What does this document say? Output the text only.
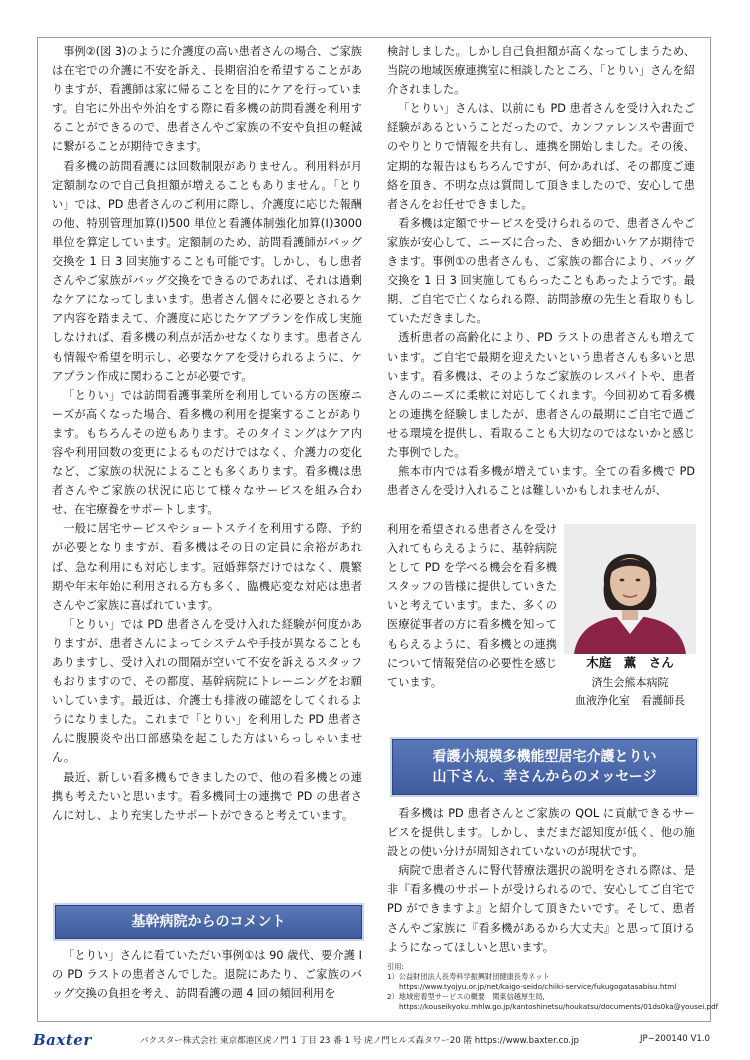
事例②(図 3)のように介護度の高い患者さんの場合、ご家族は在宅での介護に不安を訴え、長期宿泊を希望することがありますが、看護師は家に帰ることを目的にケアを行っています。自宅に外出や外泊をする際に看多機の訪問看護を利用することができるので、患者さんやご家族の不安や負担の軽減に繋がることが期待できます。

看多機の訪問看護には回数制限がありません。利用料が月定額制なので自己負担額が増えることもありません。「とりい」では、PD 患者さんのご利用に際し、介護度に応じた報酬の他、特別管理加算(Ⅰ)500 単位と看護体制強化加算(Ⅰ)3000 単位を算定しています。定額制のため、訪問看護師がバッグ交換を 1 日 3 回実施することも可能です。しかし、もし患者さんやご家族がバッグ交換をできるのであれば、それは過剰なケアになってしまいます。患者さん個々に必要とされるケア内容を踏まえて、介護度に応じたケアプランを作成し実施しなければ、看多機の利点が活かせなくなります。患者さんも情報や希望を明示し、必要なケアを受けられるように、ケアプラン作成に関わることが必要です。

「とりい」では訪問看護事業所を利用している方の医療ニーズが高くなった場合、看多機の利用を提案することがあります。もちろんその逆もあります。そのタイミングはケア内容や利用回数の変更によるものだけではなく、介護力の変化など、ご家族の状況によることも多くあります。看多機は患者さんやご家族の状況に応じて様々なサービスを組み合わせ、在宅療養をサポートします。

一般に居宅サービスやショートステイを利用する際、予約が必要となりますが、看多機はその日の定員に余裕があれば、急な利用にも対応します。冠婚葬祭だけではなく、農繁期や年末年始に利用される方も多く、臨機応変な対応は患者さんやご家族に喜ばれています。

「とりい」では PD 患者さんを受け入れた経験が何度かありますが、患者さんによってシステムや手技が異なることもありますし、受け入れの間隔が空いて不安を訴えるスタッフもおりますので、その都度、基幹病院にトレーニングをお願いしています。最近は、介護士も排液の確認をしてくれるようになりました。これまで「とりい」を利用した PD 患者さんに腹膜炎や出口部感染を起こした方はいらっしゃいません。

最近、新しい看多機もできましたので、他の看多機との連携も考えたいと思います。看多機同士の連携で PD の患者さんに対し、より充実したサポートができると考えています。

基幹病院からのコメント

「とりい」さんに看ていただい事例①は 90 歳代、要介護 I の PD ラストの患者さんでした。退院にあたり、ご家族のバッグ交換の負担を考え、訪問看護の週 4 回の頻回利用を

検討しました。しかし自己負担額が高くなってしまうため、当院の地域医療連携室に相談したところ、「とりい」さんを紹介されました。

「とりい」さんは、以前にも PD 患者さんを受け入れたご経験があるということだったので、カンファレンスや書面でのやりとりで情報を共有し、連携を開始しました。その後、定期的な報告はもちろんですが、何かあれば、その都度ご連絡を頂き、不明な点は質問して頂きましたので、安心して患者さんをお任せできました。

看多機は定額でサービスを受けられるので、患者さんやご家族が安心して、ニーズに合った、きめ細かいケアが期待できます。事例①の患者さんも、ご家族の都合により、バッグ交換を 1 日 3 回実施してもらったこともあったようです。最期、ご自宅で亡くなられる際、訪問診療の先生と看取りもしていただきました。

透析患者の高齢化により、PD ラストの患者さんも増えています。ご自宅で最期を迎えたいという患者さんも多いと思います。看多機は、そのようなご家族のレスパイトや、患者さんのニーズに柔軟に対応してくれます。今回初めて看多機との連携を経験しましたが、患者さんの最期にご自宅で過ごせる環境を提供し、看取ることも大切なのではないかと感じた事例でした。

熊本市内では看多機が増えています。全ての看多機で PD 患者さんを受け入れることは難しいかもしれませんが、

利用を希望される患者さんを受け入れてもらえるように、基幹病院として PD を学べる機会を看多機スタッフの皆様に提供していきたいと考えています。また、多くの医療従事者の方に看多機を知ってもらえるように、看多機との連携について情報発信の必要性を感じています。

木庭　薫　さん
済生会熊本病院
血液浄化室　看護師長
看護小規模多機能型居宅介護とりい
山下さん、幸さんからのメッセージ

看多機は PD 患者さんとご家族の QOL に貢献できるサービスを提供します。しかし、まだまだ認知度が低く、他の施設との使い分けが周知されていないのが現状です。

病院で患者さんに腎代替療法選択の説明をされる際は、是非『看多機のサポートが受けられるので、安心してご自宅で PD ができますよ』と紹介して頂きたいです。そして、患者さんやご家族に『看多機があるから大丈夫』と思って頂けるようになってほしいと思います。

引用:
1）公益財団法人長寿科学振興財団健康長寿ネット
https://www.tyojyu.or.jp/net/kaigo-seido/chiiki-service/fukugogatasabisu.html
2）地域密着型サービスの概要　関東信越厚生局,
https://kouseikyoku.mhlw.go.jp/kantoshinetsu/houkatsu/documents/01ds0ka@yousei.pdf
Baxter	バクスター株式会社 東京都港区虎ノ門 1 丁目 23 番 1 号 虎ノ門ヒルズ森タワー20 階 https://www.baxter.co.jp	JP−200140 V1.0
